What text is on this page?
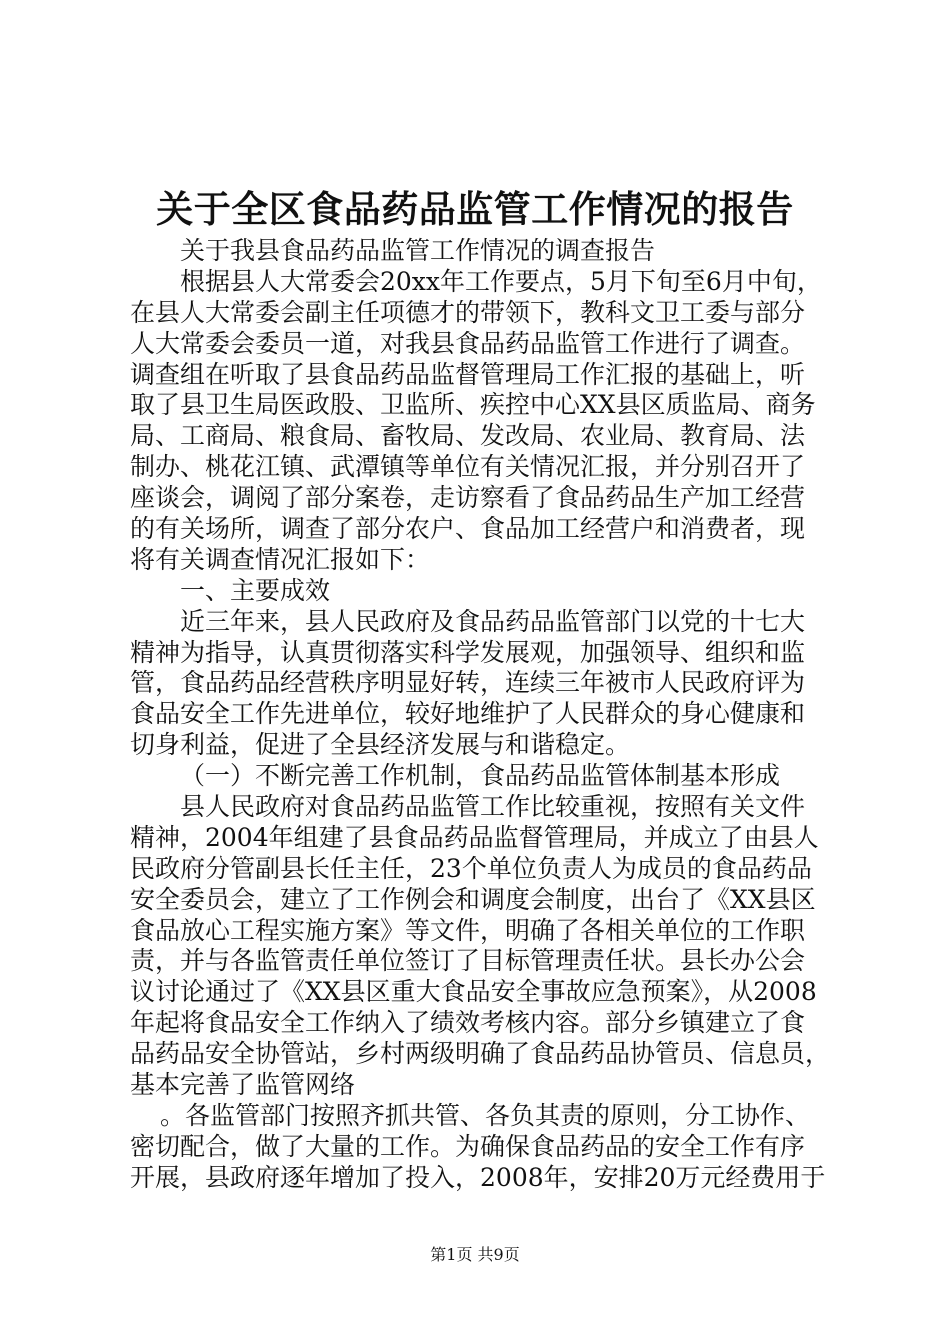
关于全区食品药品监管工作情况的报告
关于我县食品药品监管工作情况的调查报告
根据县人大常委会20xx年工作要点，5月下旬至6月中旬，
在县人大常委会副主任项德才的带领下，教科文卫工委与部分
人大常委会委员一道，对我县食品药品监管工作进行了调查。
调查组在听取了县食品药品监督管理局工作汇报的基础上，听
取了县卫生局医政股、卫监所、疾控中心XX县区质监局、商务
局、工商局、粮食局、畜牧局、发改局、农业局、教育局、法
制办、桃花江镇、武潭镇等单位有关情况汇报，并分别召开了
座谈会，调阅了部分案卷，走访察看了食品药品生产加工经营
的有关场所，调查了部分农户、食品加工经营户和消费者，现
将有关调查情况汇报如下：
一、主要成效
近三年来，县人民政府及食品药品监管部门以党的十七大
精神为指导，认真贯彻落实科学发展观，加强领导、组织和监
管，食品药品经营秩序明显好转，连续三年被市人民政府评为
食品安全工作先进单位，较好地维护了人民群众的身心健康和
切身利益，促进了全县经济发展与和谐稳定。
（一）不断完善工作机制，食品药品监管体制基本形成
县人民政府对食品药品监管工作比较重视，按照有关文件
精神，2004年组建了县食品药品监督管理局，并成立了由县人
民政府分管副县长任主任，23个单位负责人为成员的食品药品
安全委员会，建立了工作例会和调度会制度，出台了《XX县区
食品放心工程实施方案》等文件，明确了各相关单位的工作职
责，并与各监管责任单位签订了目标管理责任状。县长办公会
议讨论通过了《XX县区重大食品安全事故应急预案》，从2008
年起将食品安全工作纳入了绩效考核内容。部分乡镇建立了食
品药品安全协管站，乡村两级明确了食品药品协管员、信息员，
基本完善了监管网络
。各监管部门按照齐抓共管、各负其责的原则，分工协作、
密切配合，做了大量的工作。为确保食品药品的安全工作有序
开展，县政府逐年增加了投入，2008年，安排20万元经费用于
第1页 共9页
